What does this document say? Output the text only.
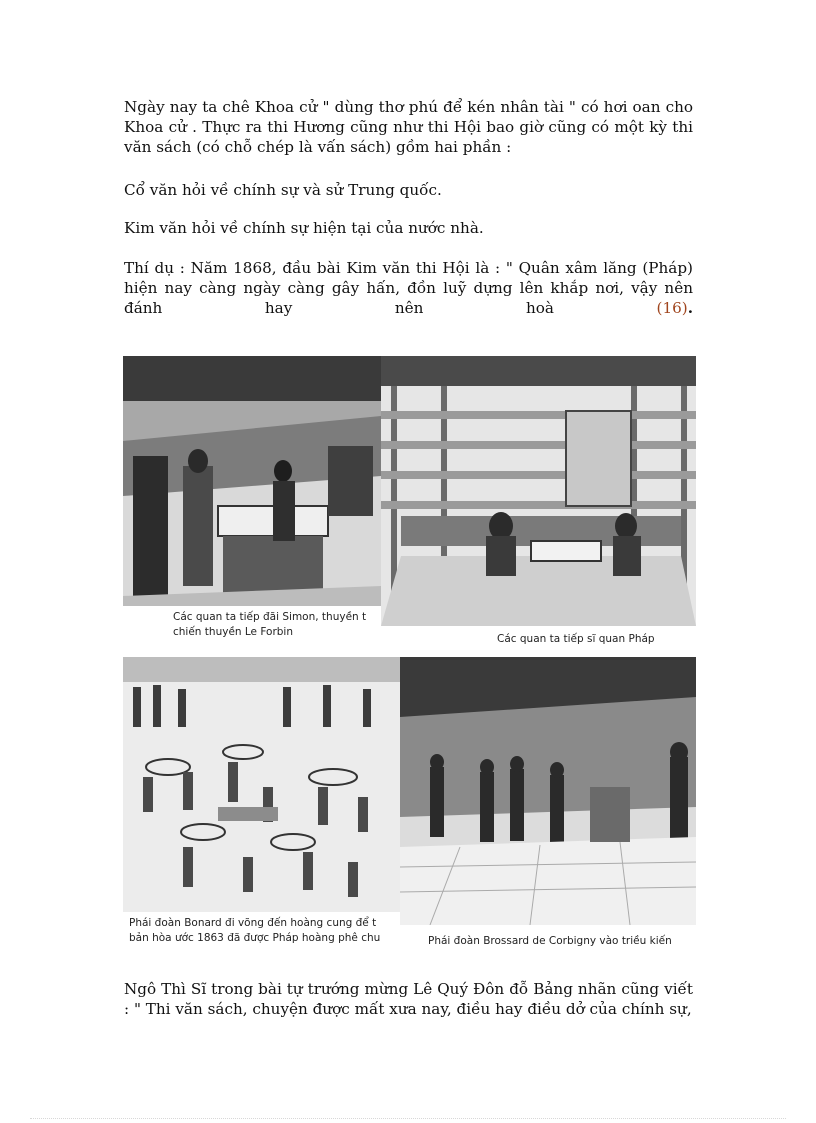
Ngày nay ta chê Khoa cử " dùng thơ phú để kén nhân tài " có hơi oan cho Khoa cử . Thực ra thi Hương cũng như thi Hội bao giờ cũng có một kỳ thi văn sách (có chỗ chép là vấn sách) gồm hai phần :

Cổ văn hỏi về chính sự và sử Trung quốc.

Kim văn hỏi về chính sự hiện tại của nước nhà.

Thí dụ : Năm 1868, đầu bài Kim văn thi Hội là : " Quân xâm lăng (Pháp) hiện nay càng ngày càng gây hấn, đồn luỹ dựng lên khắp nơi, vậy nên đánh hay nên hoà	(16).

Các quan ta tiếp đãi Simon, thuyền t
chiến thuyền Le Forbin
Các quan ta tiếp sĩ quan Pháp
Phái đoàn Bonard đi võng đến hoàng cung để t
bản hòa ước 1863 đã được Pháp hoàng phê chu	Phái đoàn Brossard de Corbigny vào triều kiến

Ngô Thì Sĩ trong bài tự trướng mừng Lê Quý Đôn đỗ Bảng nhãn cũng viết : " Thi văn sách, chuyện được mất xưa nay, điều hay điều dở của chính sự,
